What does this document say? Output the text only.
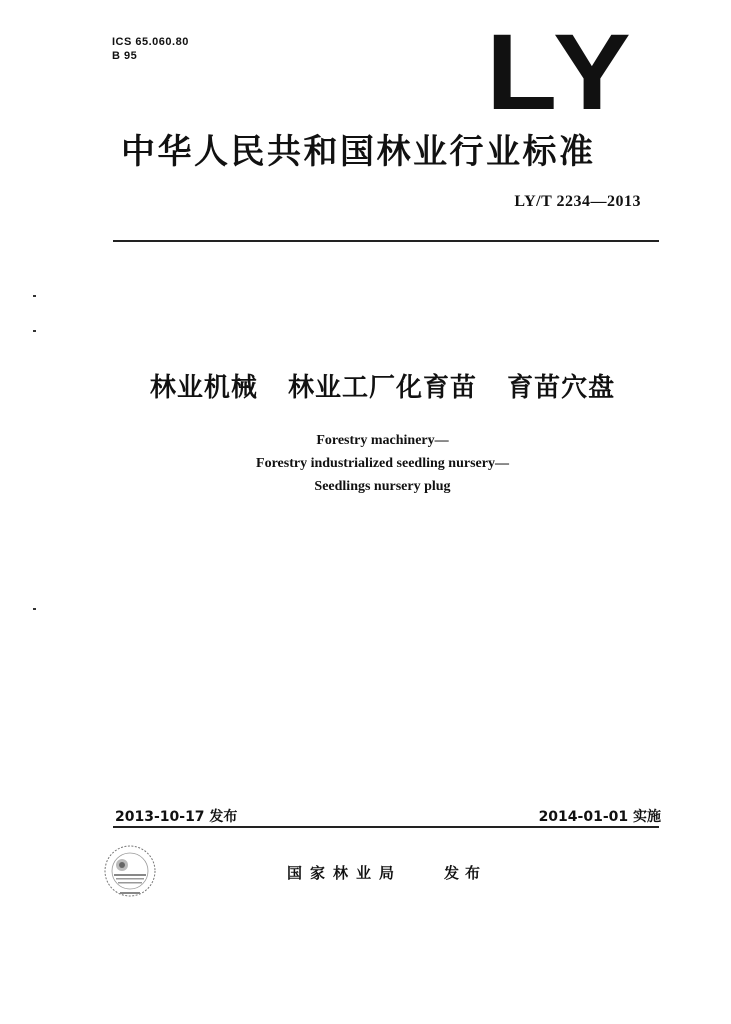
ICS 65.060.80
B 95	LY
中华人民共和国林业行业标准
LY/T 2234—2013
林业机械   林业工厂化育苗   育苗穴盘
Forestry machinery—
Forestry industrialized seedling nursery—
Seedlings nursery plug
2013-10-17 发布	2014-01-01 实施
国家林业局	发布
